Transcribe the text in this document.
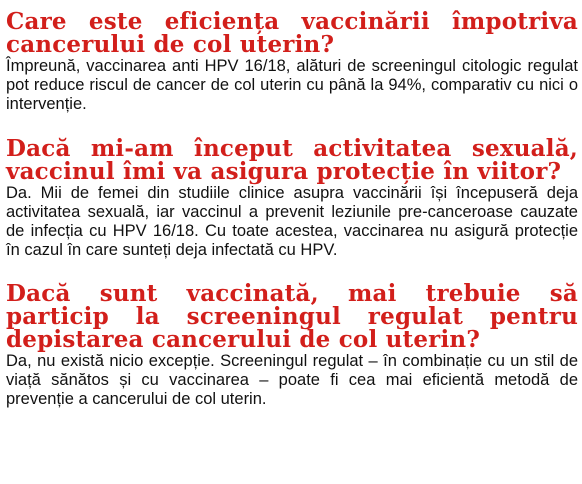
Care este eficiența vaccinării împotriva cancerului de col uterin?

Împreună, vaccinarea anti HPV 16/18, alături de screeningul citologic regulat pot reduce riscul de cancer de col uterin cu până la 94%, comparativ cu nici o intervenție.

Dacă mi-am început activitatea sexuală, vaccinul îmi va asigura protecție în viitor?

Da. Mii de femei din studiile clinice asupra vaccinării își începuseră deja activitatea sexuală, iar vaccinul a prevenit leziunile pre-canceroase cauzate de infecția cu HPV 16/18. Cu toate acestea, vaccinarea nu asigură protecție în cazul în care sunteți deja infectată cu HPV.

Dacă sunt vaccinată, mai trebuie să particip la screeningul regulat pentru depistarea cancerului de col uterin?

Da, nu există nicio excepție. Screeningul regulat – în combinație cu un stil de viață sănătos și cu vaccinarea – poate fi cea mai eficientă metodă de prevenție a cancerului de col uterin.
